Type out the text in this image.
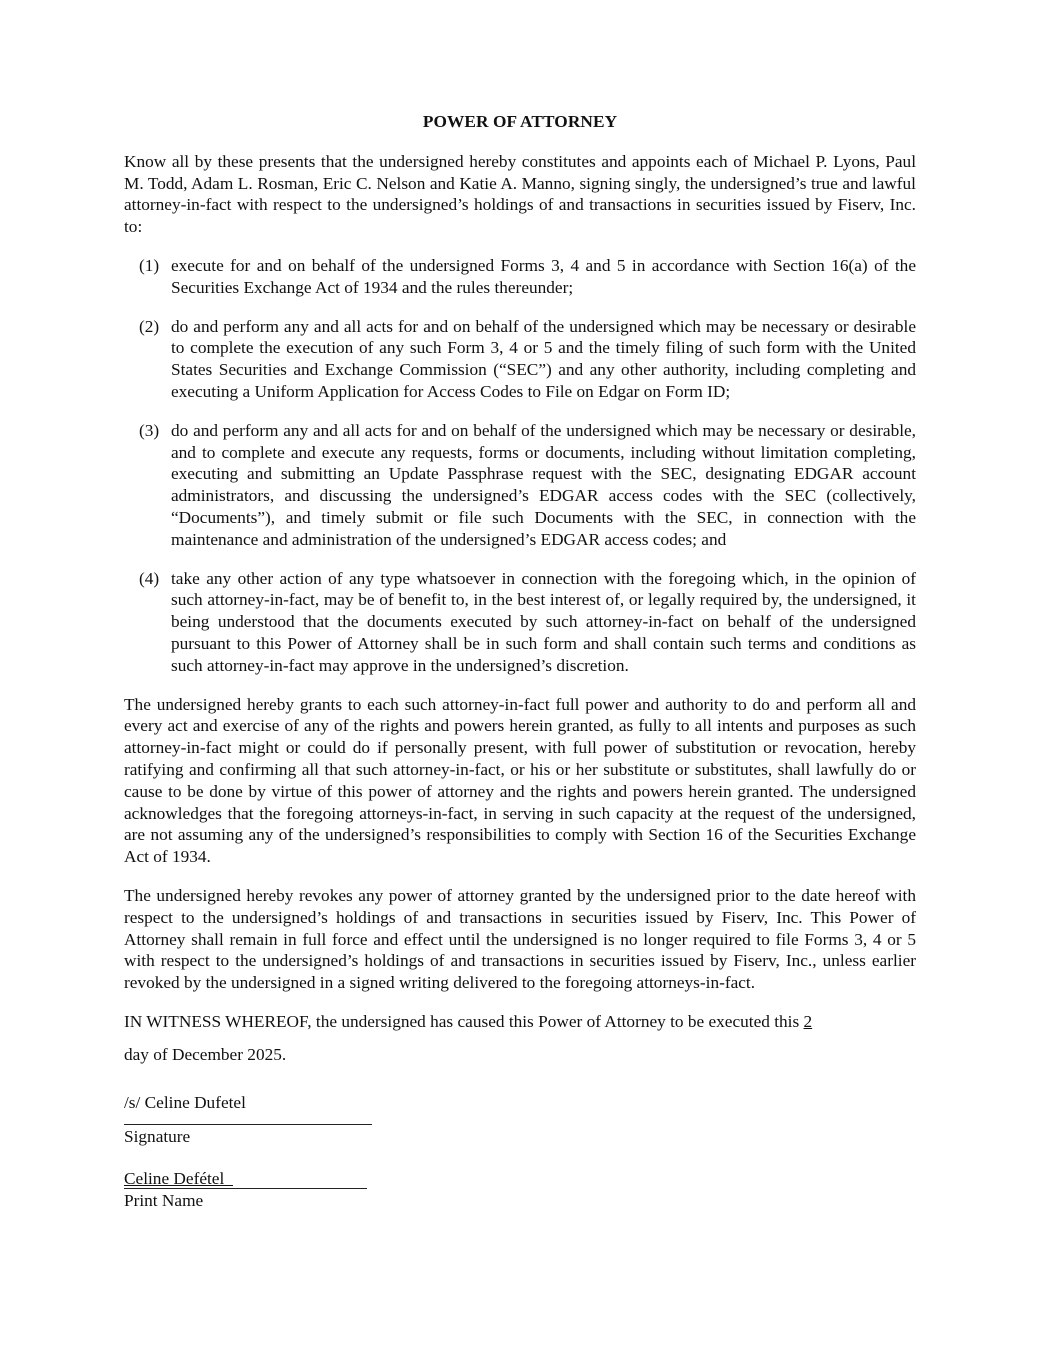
POWER OF ATTORNEY

Know all by these presents that the undersigned hereby constitutes and appoints each of Michael P. Lyons, Paul M. Todd, Adam L. Rosman, Eric C. Nelson and Katie A. Manno, signing singly, the undersigned’s true and lawful attorney-in-fact with respect to the undersigned’s holdings of and transactions in securities issued by Fiserv, Inc. to:

(1) execute for and on behalf of the undersigned Forms 3, 4 and 5 in accordance with Section 16(a) of the Securities Exchange Act of 1934 and the rules thereunder;
(2) do and perform any and all acts for and on behalf of the undersigned which may be necessary or desirable to complete the execution of any such Form 3, 4 or 5 and the timely filing of such form with the United States Securities and Exchange Commission (“SEC”) and any other authority, including completing and executing a Uniform Application for Access Codes to File on Edgar on Form ID;
(3) do and perform any and all acts for and on behalf of the undersigned which may be necessary or desirable, and to complete and execute any requests, forms or documents, including without limitation completing, executing and submitting an Update Passphrase request with the SEC, designating EDGAR account administrators, and discussing the undersigned’s EDGAR access codes with the SEC (collectively, “Documents”), and timely submit or file such Documents with the SEC, in connection with the maintenance and administration of the undersigned’s EDGAR access codes; and
(4) take any other action of any type whatsoever in connection with the foregoing which, in the opinion of such attorney-in-fact, may be of benefit to, in the best interest of, or legally required by, the undersigned, it being understood that the documents executed by such attorney-in-fact on behalf of the undersigned pursuant to this Power of Attorney shall be in such form and shall contain such terms and conditions as such attorney-in-fact may approve in the undersigned’s discretion.

The undersigned hereby grants to each such attorney-in-fact full power and authority to do and perform all and every act and exercise of any of the rights and powers herein granted, as fully to all intents and purposes as such attorney-in-fact might or could do if personally present, with full power of substitution or revocation, hereby ratifying and confirming all that such attorney-in-fact, or his or her substitute or substitutes, shall lawfully do or cause to be done by virtue of this power of attorney and the rights and powers herein granted. The undersigned acknowledges that the foregoing attorneys-in-fact, in serving in such capacity at the request of the undersigned, are not assuming any of the undersigned’s responsibilities to comply with Section 16 of the Securities Exchange Act of 1934.

The undersigned hereby revokes any power of attorney granted by the undersigned prior to the date hereof with respect to the undersigned’s holdings of and transactions in securities issued by Fiserv, Inc. This Power of Attorney shall remain in full force and effect until the undersigned is no longer required to file Forms 3, 4 or 5 with respect to the undersigned’s holdings of and transactions in securities issued by Fiserv, Inc., unless earlier revoked by the undersigned in a signed writing delivered to the foregoing attorneys-in-fact.

IN WITNESS WHEREOF, the undersigned has caused this Power of Attorney to be executed this 2

day of December 2025.

/s/ Celine Dufetel
Signature
Celine Defétel_
Print Name
